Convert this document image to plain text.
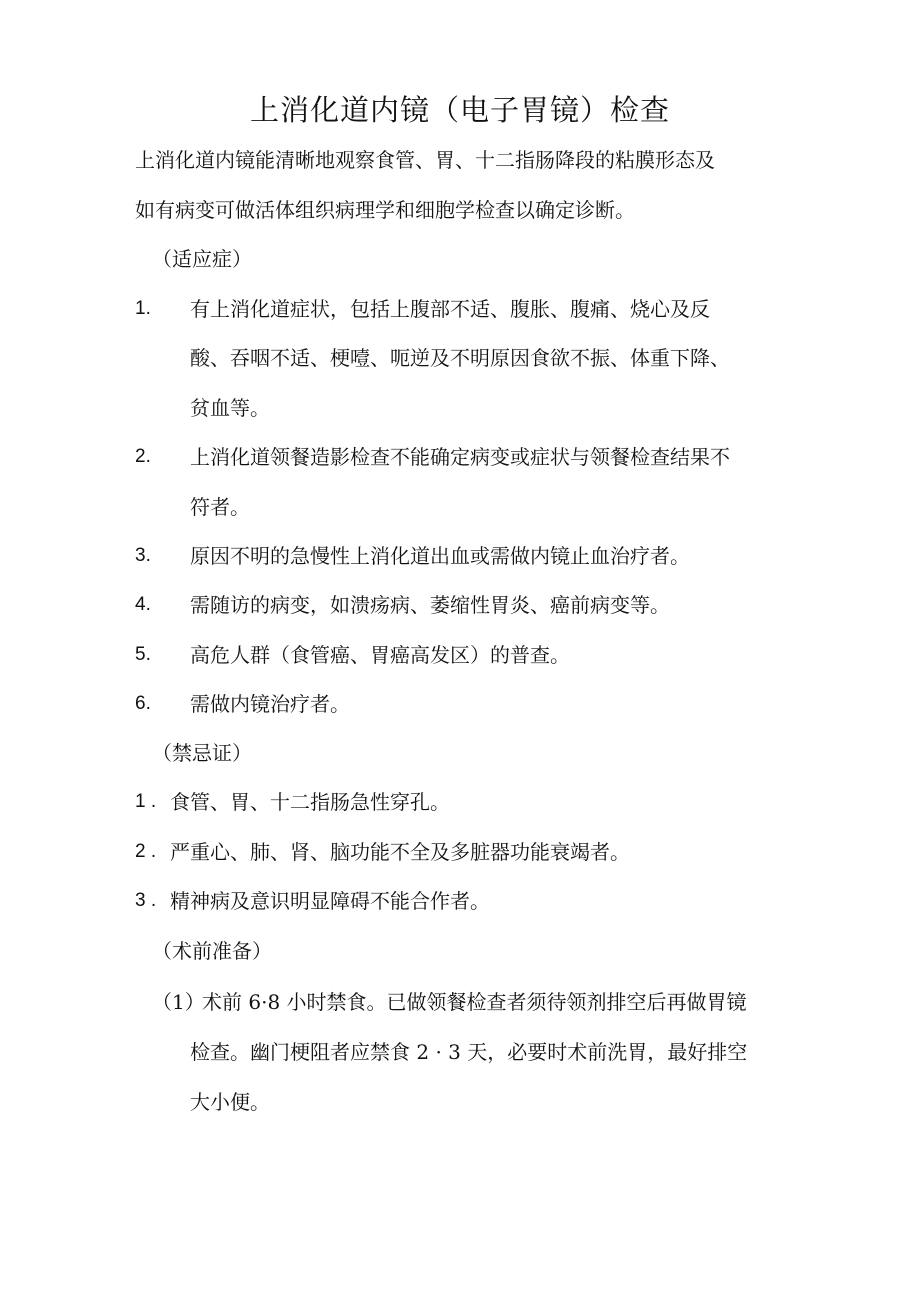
上消化道内镜（电子胃镜）检查
上消化道内镜能清晰地观察食管、胃、十二指肠降段的粘膜形态及
如有病变可做活体组织病理学和细胞学检查以确定诊断。
（适应症）
1. 有上消化道症状，包括上腹部不适、腹胀、腹痛、烧心及反
酸、吞咽不适、梗噎、呃逆及不明原因食欲不振、体重下降、
贫血等。
2. 上消化道领餐造影检查不能确定病变或症状与领餐检查结果不
符者。
3. 原因不明的急慢性上消化道出血或需做内镜止血治疗者。
4. 需随访的病变，如溃疡病、萎缩性胃炎、癌前病变等。
5. 高危人群（食管癌、胃癌高发区）的普查。
6. 需做内镜治疗者。
（禁忌证）
1 . 食管、胃、十二指肠急性穿孔。
2 . 严重心、肺、肾、脑功能不全及多脏器功能衰竭者。
3 . 精神病及意识明显障碍不能合作者。
（术前准备）
（1）
术前 6·8 小时禁食。已做领餐检查者须待领剂排空后再做胃镜
检查。幽门梗阻者应禁食 2 · 3 天，必要时术前洗胃，最好排空
大小便。
